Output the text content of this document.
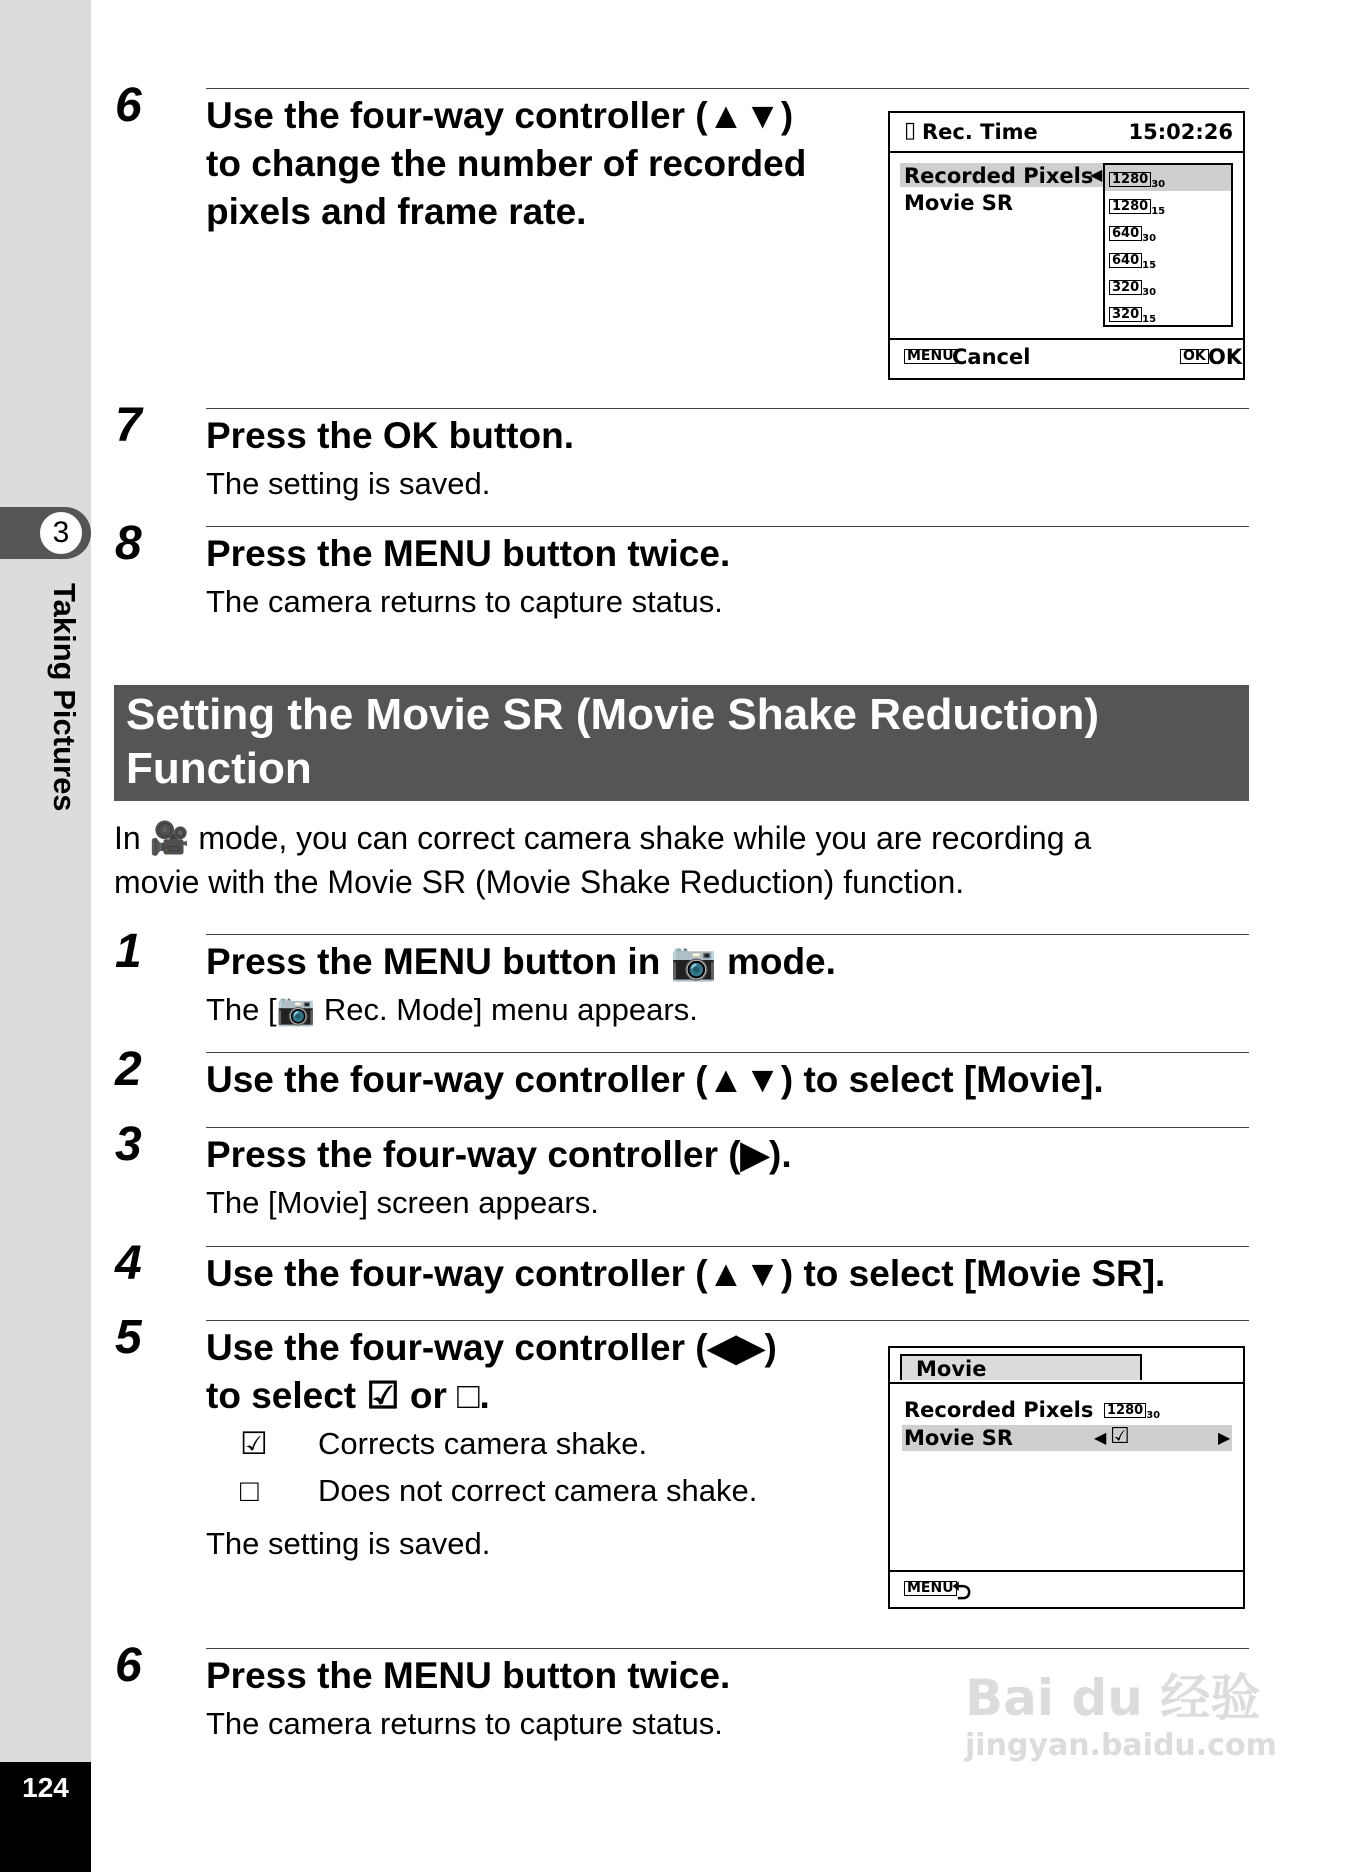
3
Taking Pictures
124
6 Use the four-way controller (▲▼)
to change the number of recorded
pixels and frame rate.
▯ Rec. Time	15:02:26
Recorded Pixels
◀
Movie SR
1280 $_{30}$
1280 $_{15}$
640 $_{30}$
640 $_{15}$
320 $_{30}$
320 $_{15}$
MENU
Cancel	OK OK
7 Press the OK button.
The setting is saved.
8 Press the MENU button twice.
The camera returns to capture status.
Setting the Movie SR (Movie Shake Reduction)
Function
In 🎥 mode, you can correct camera shake while you are recording a
movie with the Movie SR (Movie Shake Reduction) function.
1 Press the MENU button in 📷 mode.
The [📷 Rec. Mode] menu appears.
2 Use the four-way controller (▲▼) to select [Movie].
3 Press the four-way controller (▶).
The [Movie] screen appears.
4 Use the four-way controller (▲▼) to select [Movie SR].
5 Use the four-way controller (◀▶)
to select ☑ or □.
☑ Corrects camera shake.
□ Does not correct camera shake.
The setting is saved.
Movie
Recorded Pixels 1280 $_{30}$
Movie SR	◀ ☑	▶
MENU
⮌
6 Press the MENU button twice.
The camera returns to capture status.	Bai du 经验
jingyan.baidu.com
